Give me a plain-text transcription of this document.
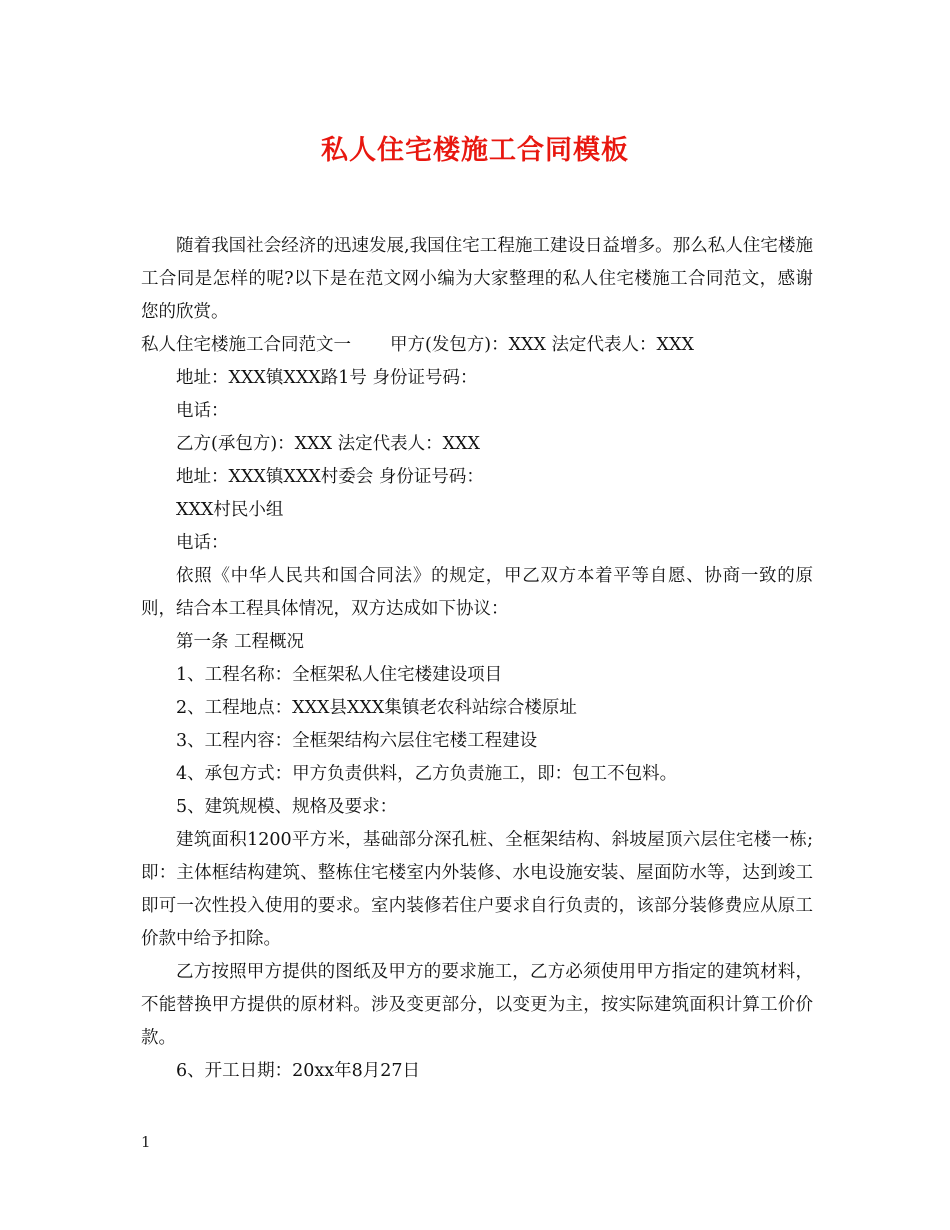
私人住宅楼施工合同模板

随着我国社会经济的迅速发展,我国住宅工程施工建设日益增多。那么私人住宅楼施工合同是怎样的呢?以下是在范文网小编为大家整理的私人住宅楼施工合同范文，感谢您的欣赏。

私人住宅楼施工合同范文一       甲方(发包方)：XXX 法定代表人：XXX

地址：XXX镇XXX路1号 身份证号码：

电话：

乙方(承包方)：XXX 法定代表人：XXX

地址：XXX镇XXX村委会 身份证号码：

XXX村民小组

电话：

依照《中华人民共和国合同法》的规定，甲乙双方本着平等自愿、协商一致的原则，结合本工程具体情况，双方达成如下协议：

第一条 工程概况

1、工程名称：全框架私人住宅楼建设项目

2、工程地点：XXX县XXX集镇老农科站综合楼原址

3、工程内容：全框架结构六层住宅楼工程建设

4、承包方式：甲方负责供料，乙方负责施工，即：包工不包料。

5、建筑规模、规格及要求：

建筑面积1200平方米，基础部分深孔桩、全框架结构、斜坡屋顶六层住宅楼一栋;即：主体框结构建筑、整栋住宅楼室内外装修、水电设施安装、屋面防水等，达到竣工即可一次性投入使用的要求。室内装修若住户要求自行负责的，该部分装修费应从原工价款中给予扣除。

乙方按照甲方提供的图纸及甲方的要求施工，乙方必须使用甲方指定的建筑材料，不能替换甲方提供的原材料。涉及变更部分，以变更为主，按实际建筑面积计算工价价款。

6、开工日期：20xx年8月27日

1
